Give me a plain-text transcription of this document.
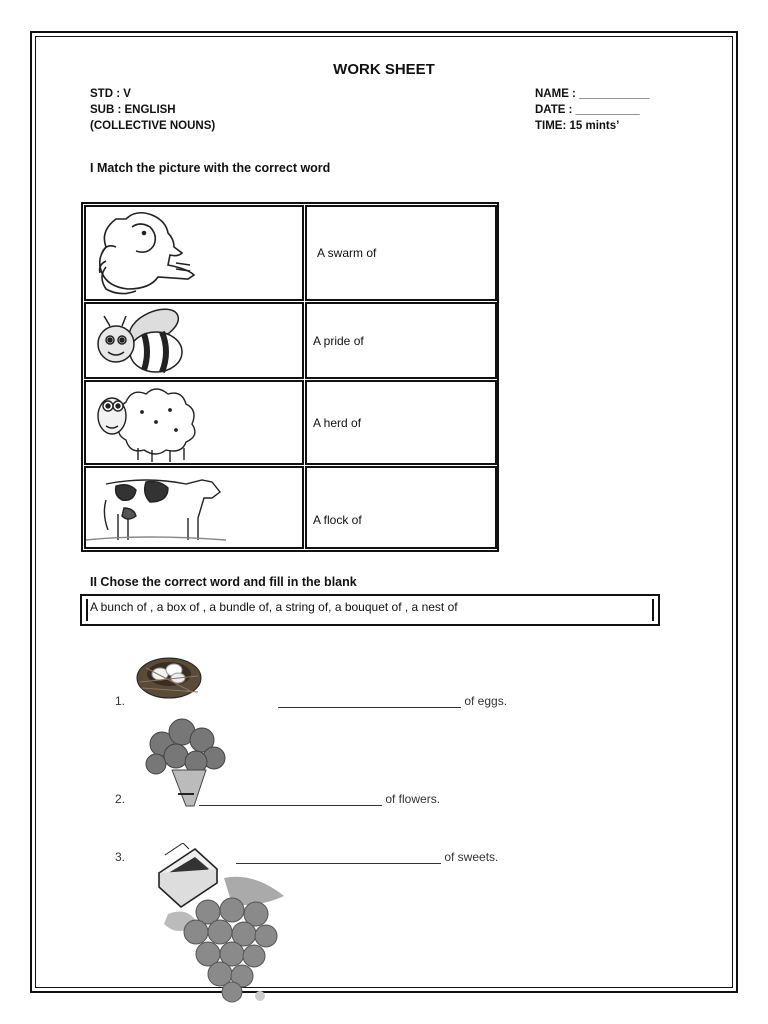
WORK SHEET
STD : V
SUB : ENGLISH
(COLLECTIVE NOUNS)
NAME : ___________
DATE : __________
TIME: 15 mints’
I Match the picture with the correct word
A swarm of
A pride of
A herd of
A flock of
II Chose the correct word and fill in the blank
A bunch of , a box of , a bundle of, a string of, a bouquet of , a nest of
1.	of eggs.
2.	of flowers.
3.	of sweets.
